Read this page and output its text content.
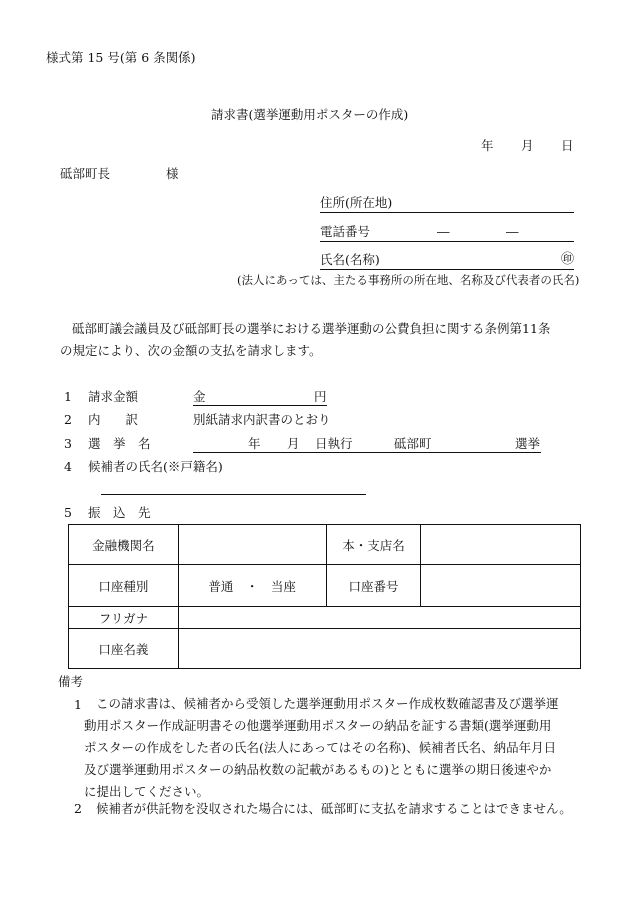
様式第 15 号(第 6 条関係)
請求書(選挙運動用ポスターの作成)
年 月 日
砥部町長	様
住所(所在地)
電話番号	―	―
氏名(名称)	㊞
(法人にあっては、主たる事務所の所在地、名称及び代表者の氏名)
砥部町議会議員及び砥部町長の選挙における選挙運動の公費負担に関する条例第11条
の規定により、次の金額の支払を請求します。
1 請求金額	金	円
2 内　　訳	別紙請求内訳書のとおり
3 選　挙　名	年 月 日執行	砥部町	選挙
4 候補者の氏名(※戸籍名)
5 振　込　先
金融機関名		本・支店名	
口座種別	普通　・　当座	口座番号	
フリガナ			
口座名義			
備考
1 この請求書は、候補者から受領した選挙運動用ポスター作成枚数確認書及び選挙運
動用ポスター作成証明書その他選挙運動用ポスターの納品を証する書類(選挙運動用
ポスターの作成をした者の氏名(法人にあってはその名称)、候補者氏名、納品年月日
及び選挙運動用ポスターの納品枚数の記載があるもの)とともに選挙の期日後速やか
に提出してください。
2 候補者が供託物を没収された場合には、砥部町に支払を請求することはできません。
